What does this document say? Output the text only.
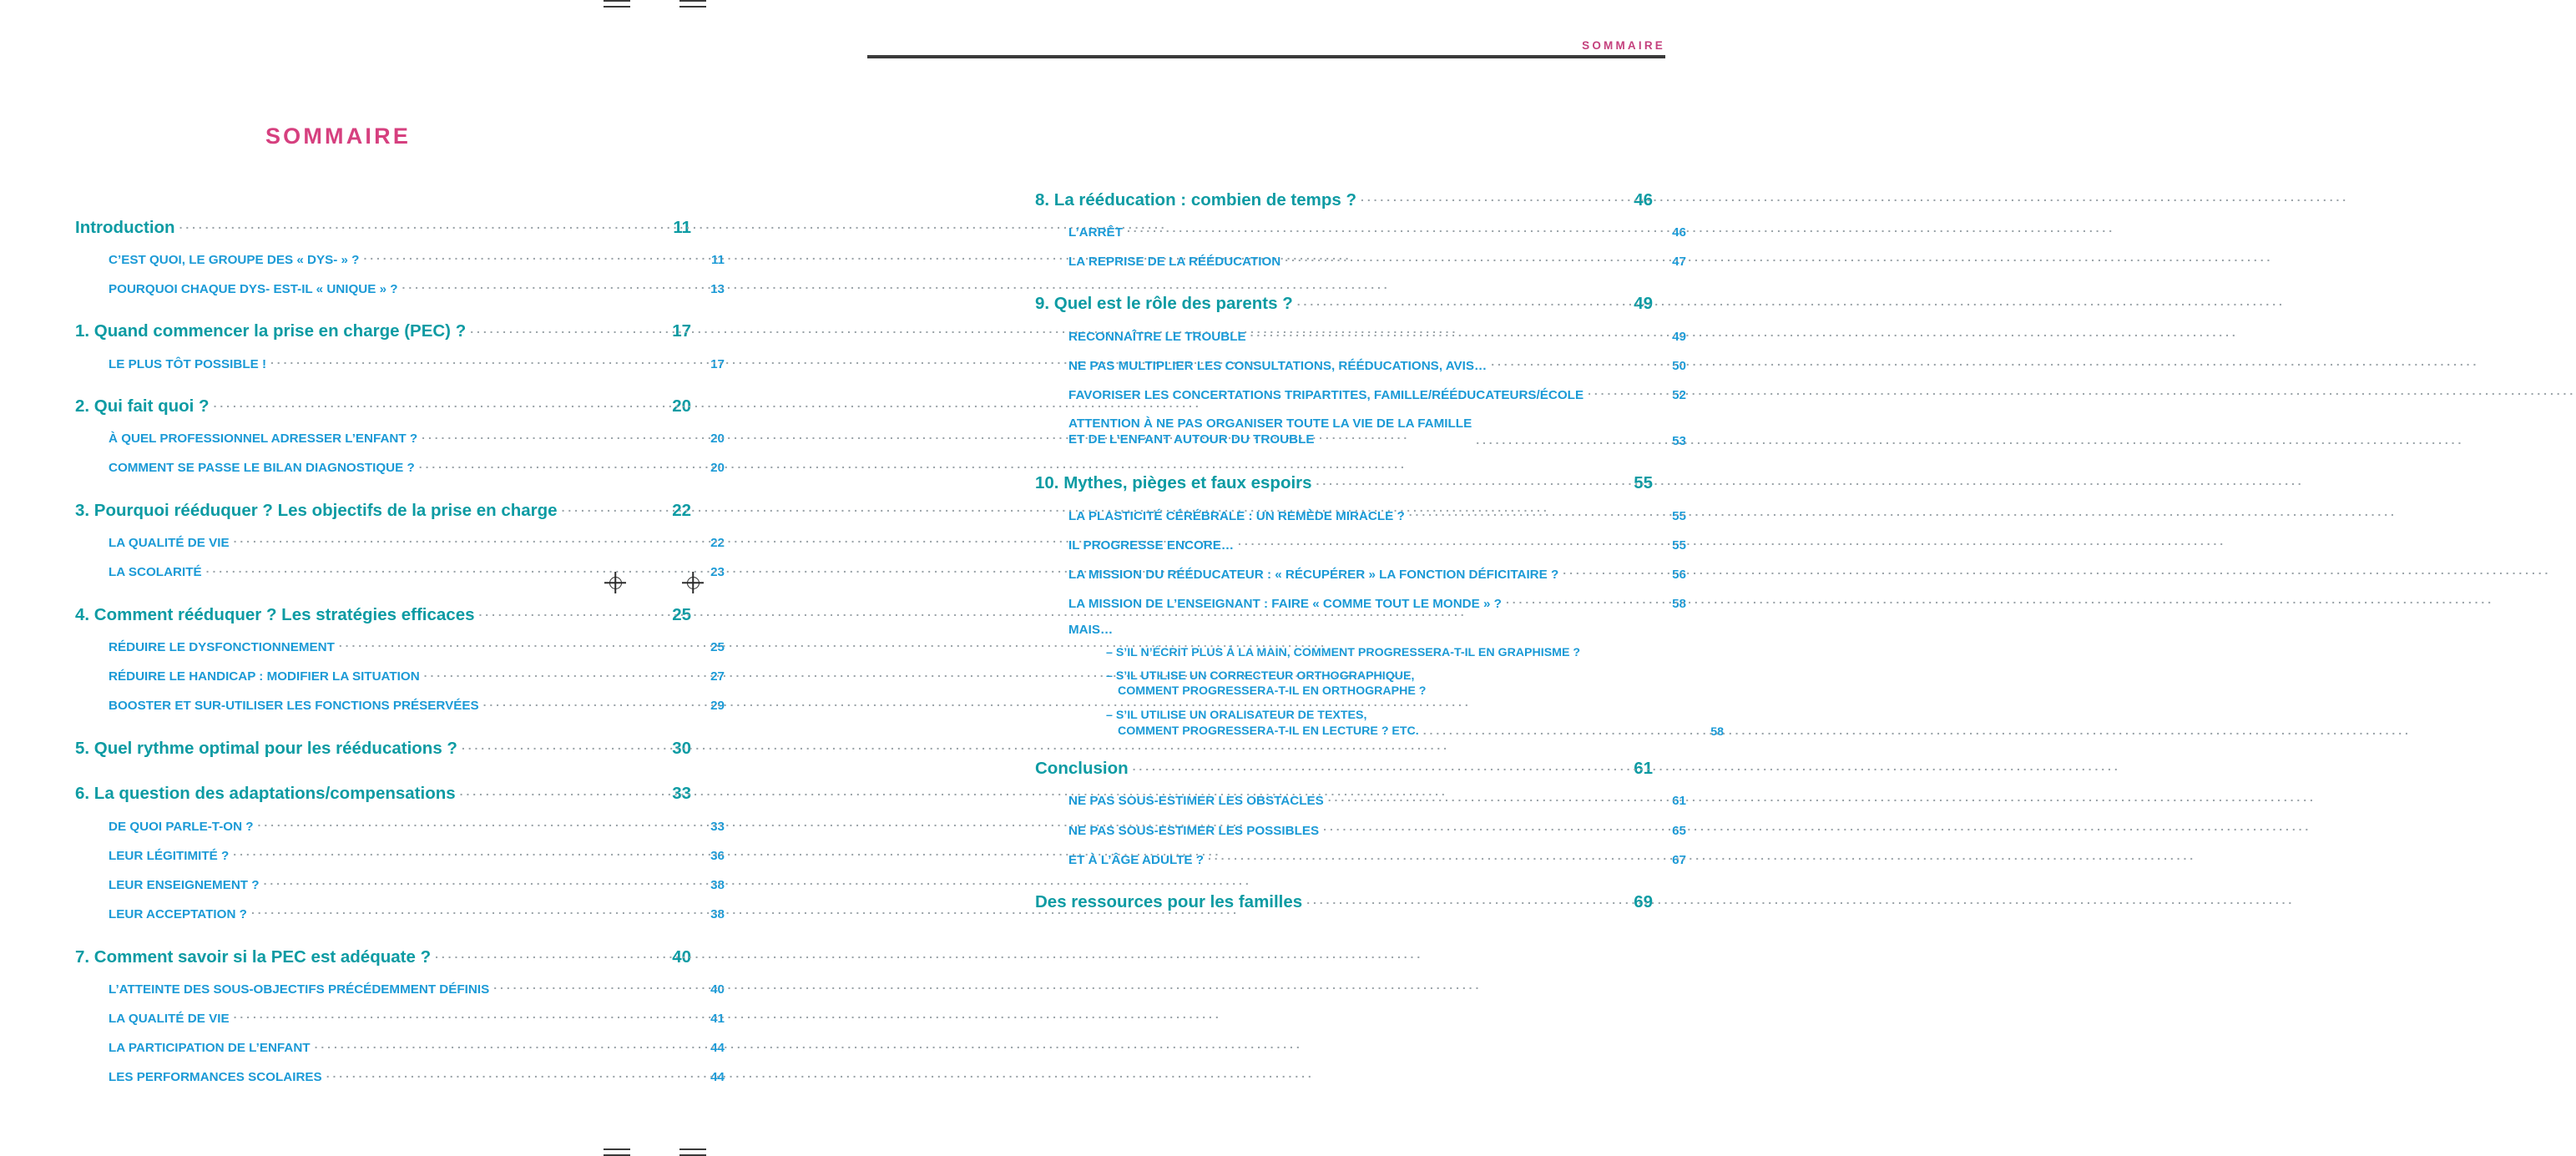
SOMMAIRE
Introduction .....	11
C’EST QUOI, LE GROUPE DES « DYS- » ? .....	11
POURQUOI CHAQUE DYS- EST-IL « UNIQUE » ? .....	13
1. Quand commencer la prise en charge (PEC) ? .....	17
LE PLUS TÔT POSSIBLE ! .....	17
2. Qui fait quoi ? .....	20
À QUEL PROFESSIONNEL ADRESSER L’ENFANT ? .....	20
COMMENT SE PASSE LE BILAN DIAGNOSTIQUE ? .....	20
3. Pourquoi rééduquer ? Les objectifs de la prise en charge .....	22
LA QUALITÉ DE VIE .....	22
LA SCOLARITÉ .....	23
4. Comment rééduquer ? Les stratégies efficaces .....	25
RÉDUIRE LE DYSFONCTIONNEMENT .....	25
RÉDUIRE LE HANDICAP : MODIFIER LA SITUATION .....	27
BOOSTER ET SUR-UTILISER LES FONCTIONS PRÉSERVÉES .....	29
5. Quel rythme optimal pour les rééducations ? .....	30
6. La question des adaptations/compensations .....	33
DE QUOI PARLE-T-ON ? .....	33
LEUR LÉGITIMITÉ ? .....	36
LEUR ENSEIGNEMENT ? .....	38
LEUR ACCEPTATION ? .....	38
7. Comment savoir si la PEC est adéquate ? .....	40
L’ATTEINTE DES SOUS-OBJECTIFS PRÉCÉDEMMENT DÉFINIS .....	40
LA QUALITÉ DE VIE .....	41
LA PARTICIPATION DE L’ENFANT .....	44
LES PERFORMANCES SCOLAIRES .....	44
SOMMAIRE
8. La rééducation : combien de temps ? .....	46
L’ARRÊT .....	46
LA REPRISE DE LA RÉÉDUCATION .....	47
9. Quel est le rôle des parents ? .....	49
RECONNAÎTRE LE TROUBLE .....	49
NE PAS MULTIPLIER LES CONSULTATIONS, RÉÉDUCATIONS, AVIS… .....	50
FAVORISER LES CONCERTATIONS TRIPARTITES, FAMILLE/RÉÉDUCATEURS/ÉCOLE .....	52
ATTENTION À NE PAS ORGANISER TOUTE LA VIE DE LA FAMILLE
ET DE L’ENFANT AUTOUR DU TROUBLE .....	53
10. Mythes, pièges et faux espoirs .....	55
LA PLASTICITÉ CÉRÉBRALE : UN REMÈDE MIRACLE ? .....	55
IL PROGRESSE ENCORE… .....	55
LA MISSION DU RÉÉDUCATEUR : « RÉCUPÉRER » LA FONCTION DÉFICITAIRE ? .....	56
LA MISSION DE L’ENSEIGNANT : FAIRE « COMME TOUT LE MONDE » ? .....	58
MAIS…
– S’IL N’ÉCRIT PLUS À LA MAIN, COMMENT PROGRESSERA-T-IL EN GRAPHISME ?
– S’IL UTILISE UN CORRECTEUR ORTHOGRAPHIQUE,
COMMENT PROGRESSERA-T-IL EN ORTHOGRAPHE ?
– S’IL UTILISE UN ORALISATEUR DE TEXTES,
COMMENT PROGRESSERA-T-IL EN LECTURE ? ETC. .....	58
Conclusion .....	61
NE PAS SOUS-ESTIMER LES OBSTACLES .....	61
NE PAS SOUS-ESTIMER LES POSSIBLES .....	65
ET À L’ÂGE ADULTE ? .....	67
Des ressources pour les familles .....	69
